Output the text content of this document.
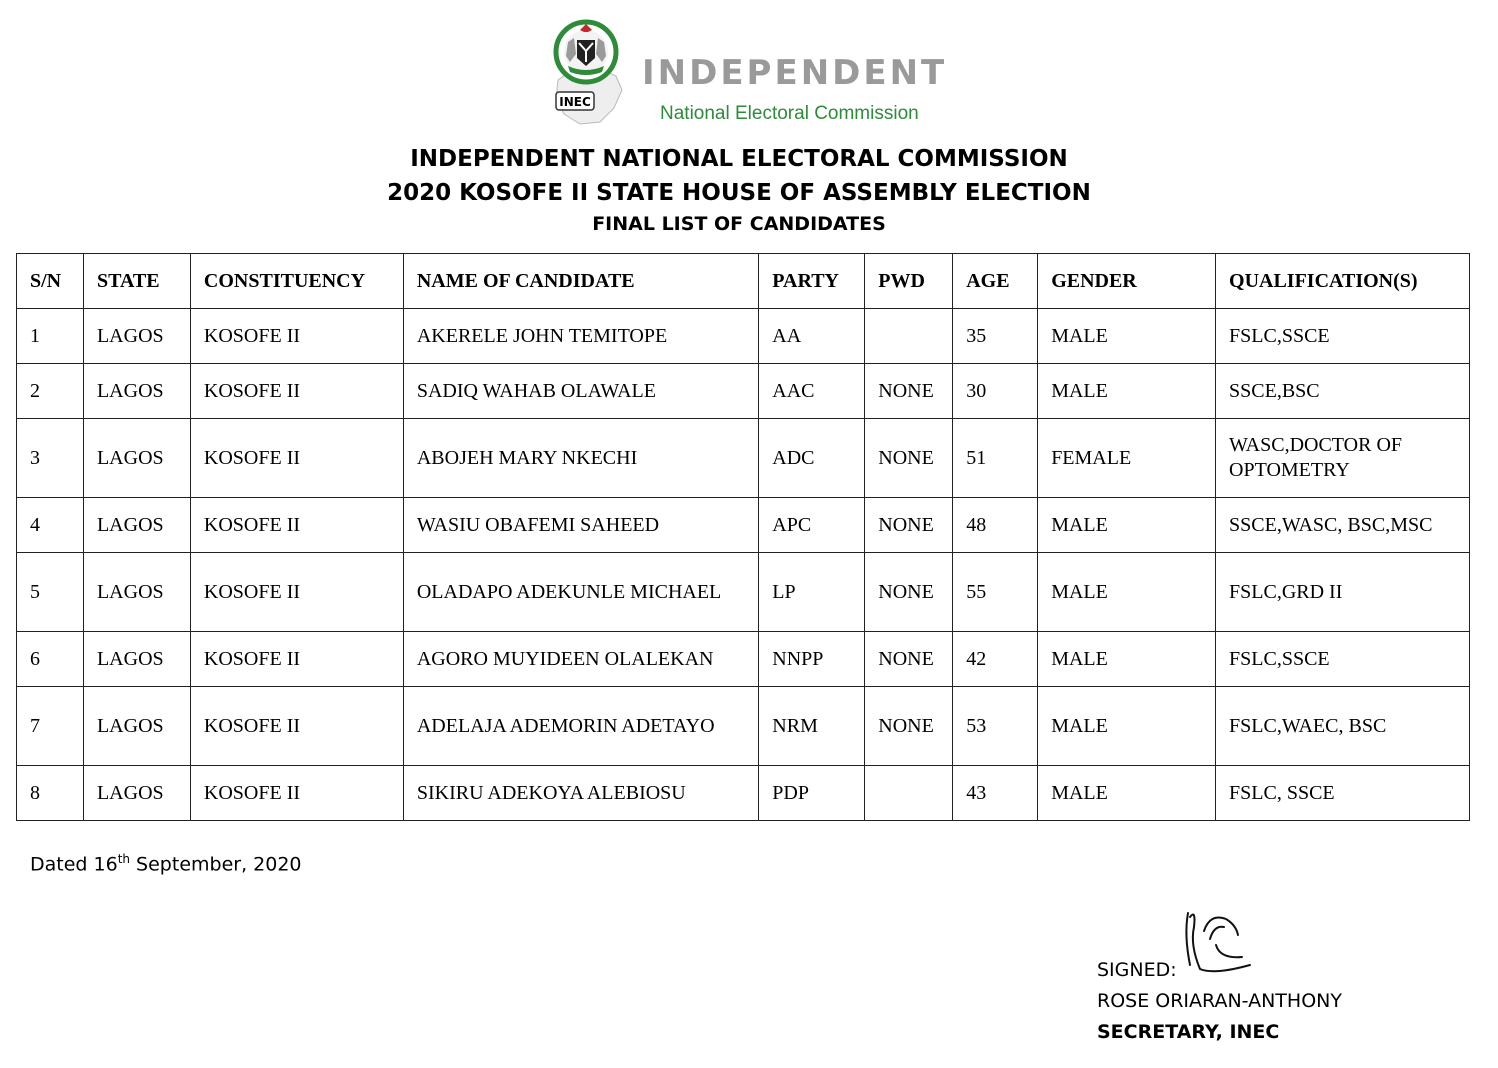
INEC
INDEPENDENT
National Electoral Commission
INDEPENDENT NATIONAL ELECTORAL COMMISSION
2020 KOSOFE II STATE HOUSE OF ASSEMBLY ELECTION
FINAL LIST OF CANDIDATES
S/N	STATE	CONSTITUENCY	NAME OF CANDIDATE	PARTY	PWD	AGE	GENDER	QUALIFICATION(S)
1	LAGOS	KOSOFE II	AKERELE JOHN TEMITOPE	AA		35	MALE	FSLC,SSCE
2	LAGOS	KOSOFE II	SADIQ WAHAB OLAWALE	AAC	NONE	30	MALE	SSCE,BSC
3	LAGOS	KOSOFE II	ABOJEH MARY NKECHI	ADC	NONE	51	FEMALE	WASC,DOCTOR OF OPTOMETRY
4	LAGOS	KOSOFE II	WASIU OBAFEMI SAHEED	APC	NONE	48	MALE	SSCE,WASC, BSC,MSC
5	LAGOS	KOSOFE II	OLADAPO ADEKUNLE MICHAEL	LP	NONE	55	MALE	FSLC,GRD II
6	LAGOS	KOSOFE II	AGORO MUYIDEEN OLALEKAN	NNPP	NONE	42	MALE	FSLC,SSCE
7	LAGOS	KOSOFE II	ADELAJA ADEMORIN ADETAYO	NRM	NONE	53	MALE	FSLC,WAEC, BSC
8	LAGOS	KOSOFE II	SIKIRU ADEKOYA ALEBIOSU	PDP		43	MALE	FSLC, SSCE
Dated 16th September, 2020
SIGNED:
ROSE ORIARAN-ANTHONY
SECRETARY, INEC
